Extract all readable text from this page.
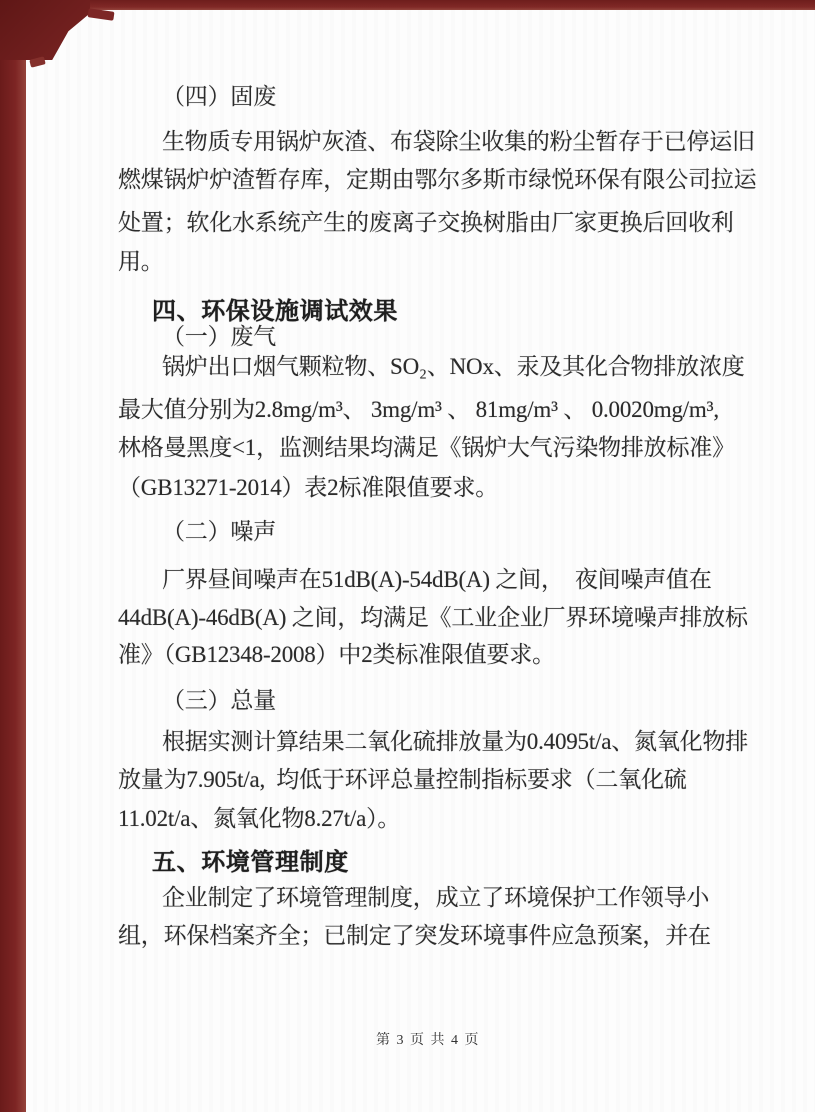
（四）固废
生物质专用锅炉灰渣、布袋除尘收集的粉尘暂存于已停运旧
燃煤锅炉炉渣暂存库，定期由鄂尔多斯市绿悦环保有限公司拉运
处置；软化水系统产生的废离子交换树脂由厂家更换后回收利
用。
四、环保设施调试效果
（一）废气
锅炉出口烟气颗粒物、SO₂、NOx、汞及其化合物排放浓度
最大值分别为2.8mg/m³、 3mg/m³ 、 81mg/m³ 、 0.0020mg/m³,
林格曼黑度<1，监测结果均满足《锅炉大气污染物排放标准》
（GB13271-2014）表2标准限值要求。
（二）噪声
厂界昼间噪声在51dB(A)-54dB(A) 之间，  夜间噪声值在
44dB(A)-46dB(A) 之间，均满足《工业企业厂界环境噪声排放标
准》（GB12348-2008）中2类标准限值要求。
（三）总量
根据实测计算结果二氧化硫排放量为0.4095t/a、氮氧化物排
放量为7.905t/a,  均低于环评总量控制指标要求（二氧化硫
11.02t/a、氮氧化物8.27t/a）。
五、环境管理制度
企业制定了环境管理制度，成立了环境保护工作领导小
组，环保档案齐全；已制定了突发环境事件应急预案，并在
第 3 页 共 4 页
